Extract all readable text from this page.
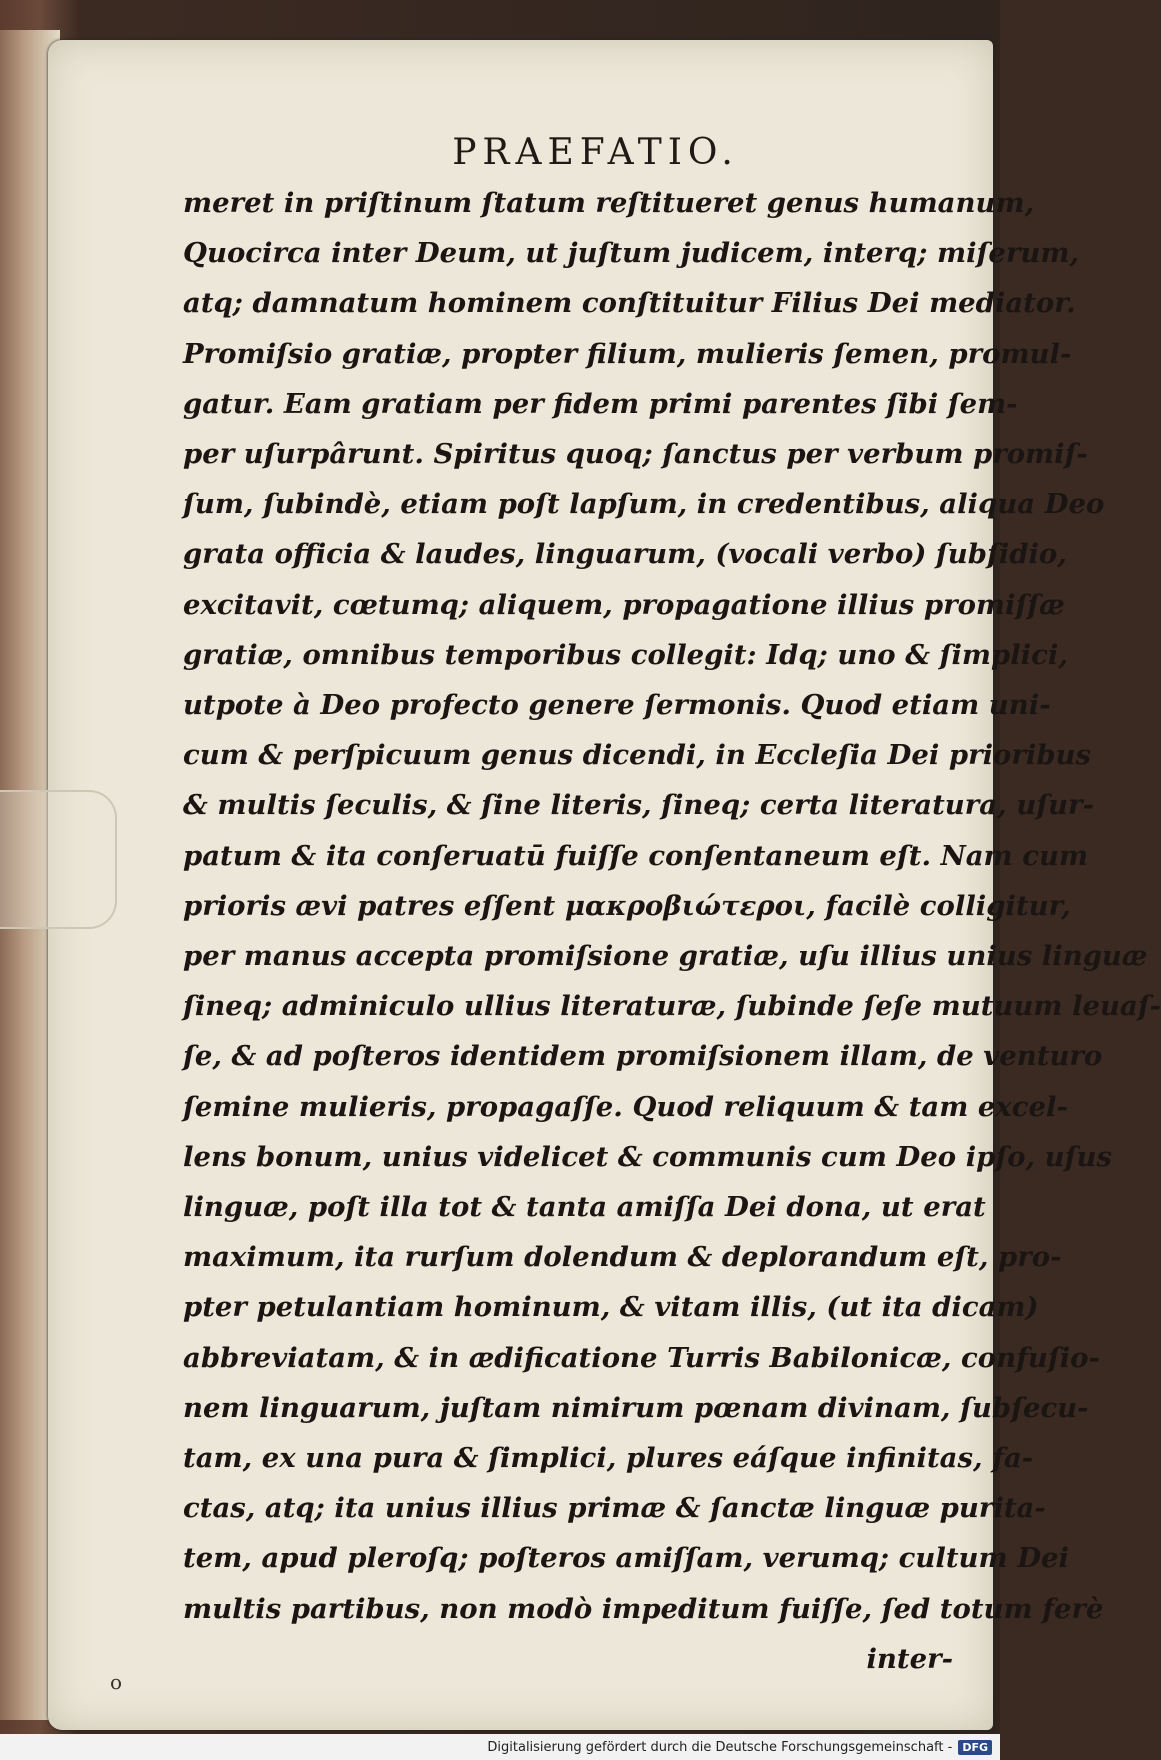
PRAEFATIO.
meret in priſtinum ſtatum reſtitueret genus humanum,
Quocirca inter Deum, ut juſtum judicem, interq; miſerum,
atq; damnatum hominem conſtituitur Filius Dei mediator.
Promiſsio gratiæ, propter filium, mulieris ſemen, promul-
gatur. Eam gratiam per fidem primi parentes ſibi ſem-
per uſurpârunt. Spiritus quoq; ſanctus per verbum promiſ-
ſum, ſubindè, etiam poſt lapſum, in credentibus, aliqua Deo
grata officia & laudes, linguarum, (vocali verbo) ſubſidio,
excitavit, cœtumq; aliquem, propagatione illius promiſſæ
gratiæ, omnibus temporibus collegit: Idq; uno & ſimplici,
utpote à Deo profecto genere ſermonis. Quod etiam uni-
cum & perſpicuum genus dicendi, in Eccleſia Dei prioribus
& multis ſeculis, & ſine literis, ſineq; certa literatura, uſur-
patum & ita conſeruatū fuiſſe conſentaneum eſt. Nam cum
prioris ævi patres eſſent μακροβιώτεροι, facilè colligitur,
per manus accepta promiſsione gratiæ, uſu illius unius linguæ
ſineq; adminiculo ullius literaturæ, ſubinde ſeſe mutuum leuaſ-
ſe, & ad poſteros identidem promiſsionem illam, de venturo
ſemine mulieris, propagaſſe. Quod reliquum & tam excel-
lens bonum, unius videlicet & communis cum Deo ipſo, uſus
linguæ, poſt illa tot & tanta amiſſa Dei dona, ut erat
maximum, ita rurſum dolendum & deplorandum eſt, pro-
pter petulantiam hominum, & vitam illis, (ut ita dicam)
abbreviatam, & in ædificatione Turris Babilonicæ, confuſio-
nem linguarum, juſtam nimirum pœnam divinam, ſubſecu-
tam, ex una pura & ſimplici, plures eáſque infinitas, fa-
ctas, atq; ita unius illius primæ & ſanctæ linguæ purita-
tem, apud pleroſq; poſteros amiſſam, verumq; cultum Dei
multis partibus, non modò impeditum fuiſſe, ſed totum ferè
inter-
o
Digitalisierung gefördert durch die Deutsche Forschungsgemeinschaft - DFG
